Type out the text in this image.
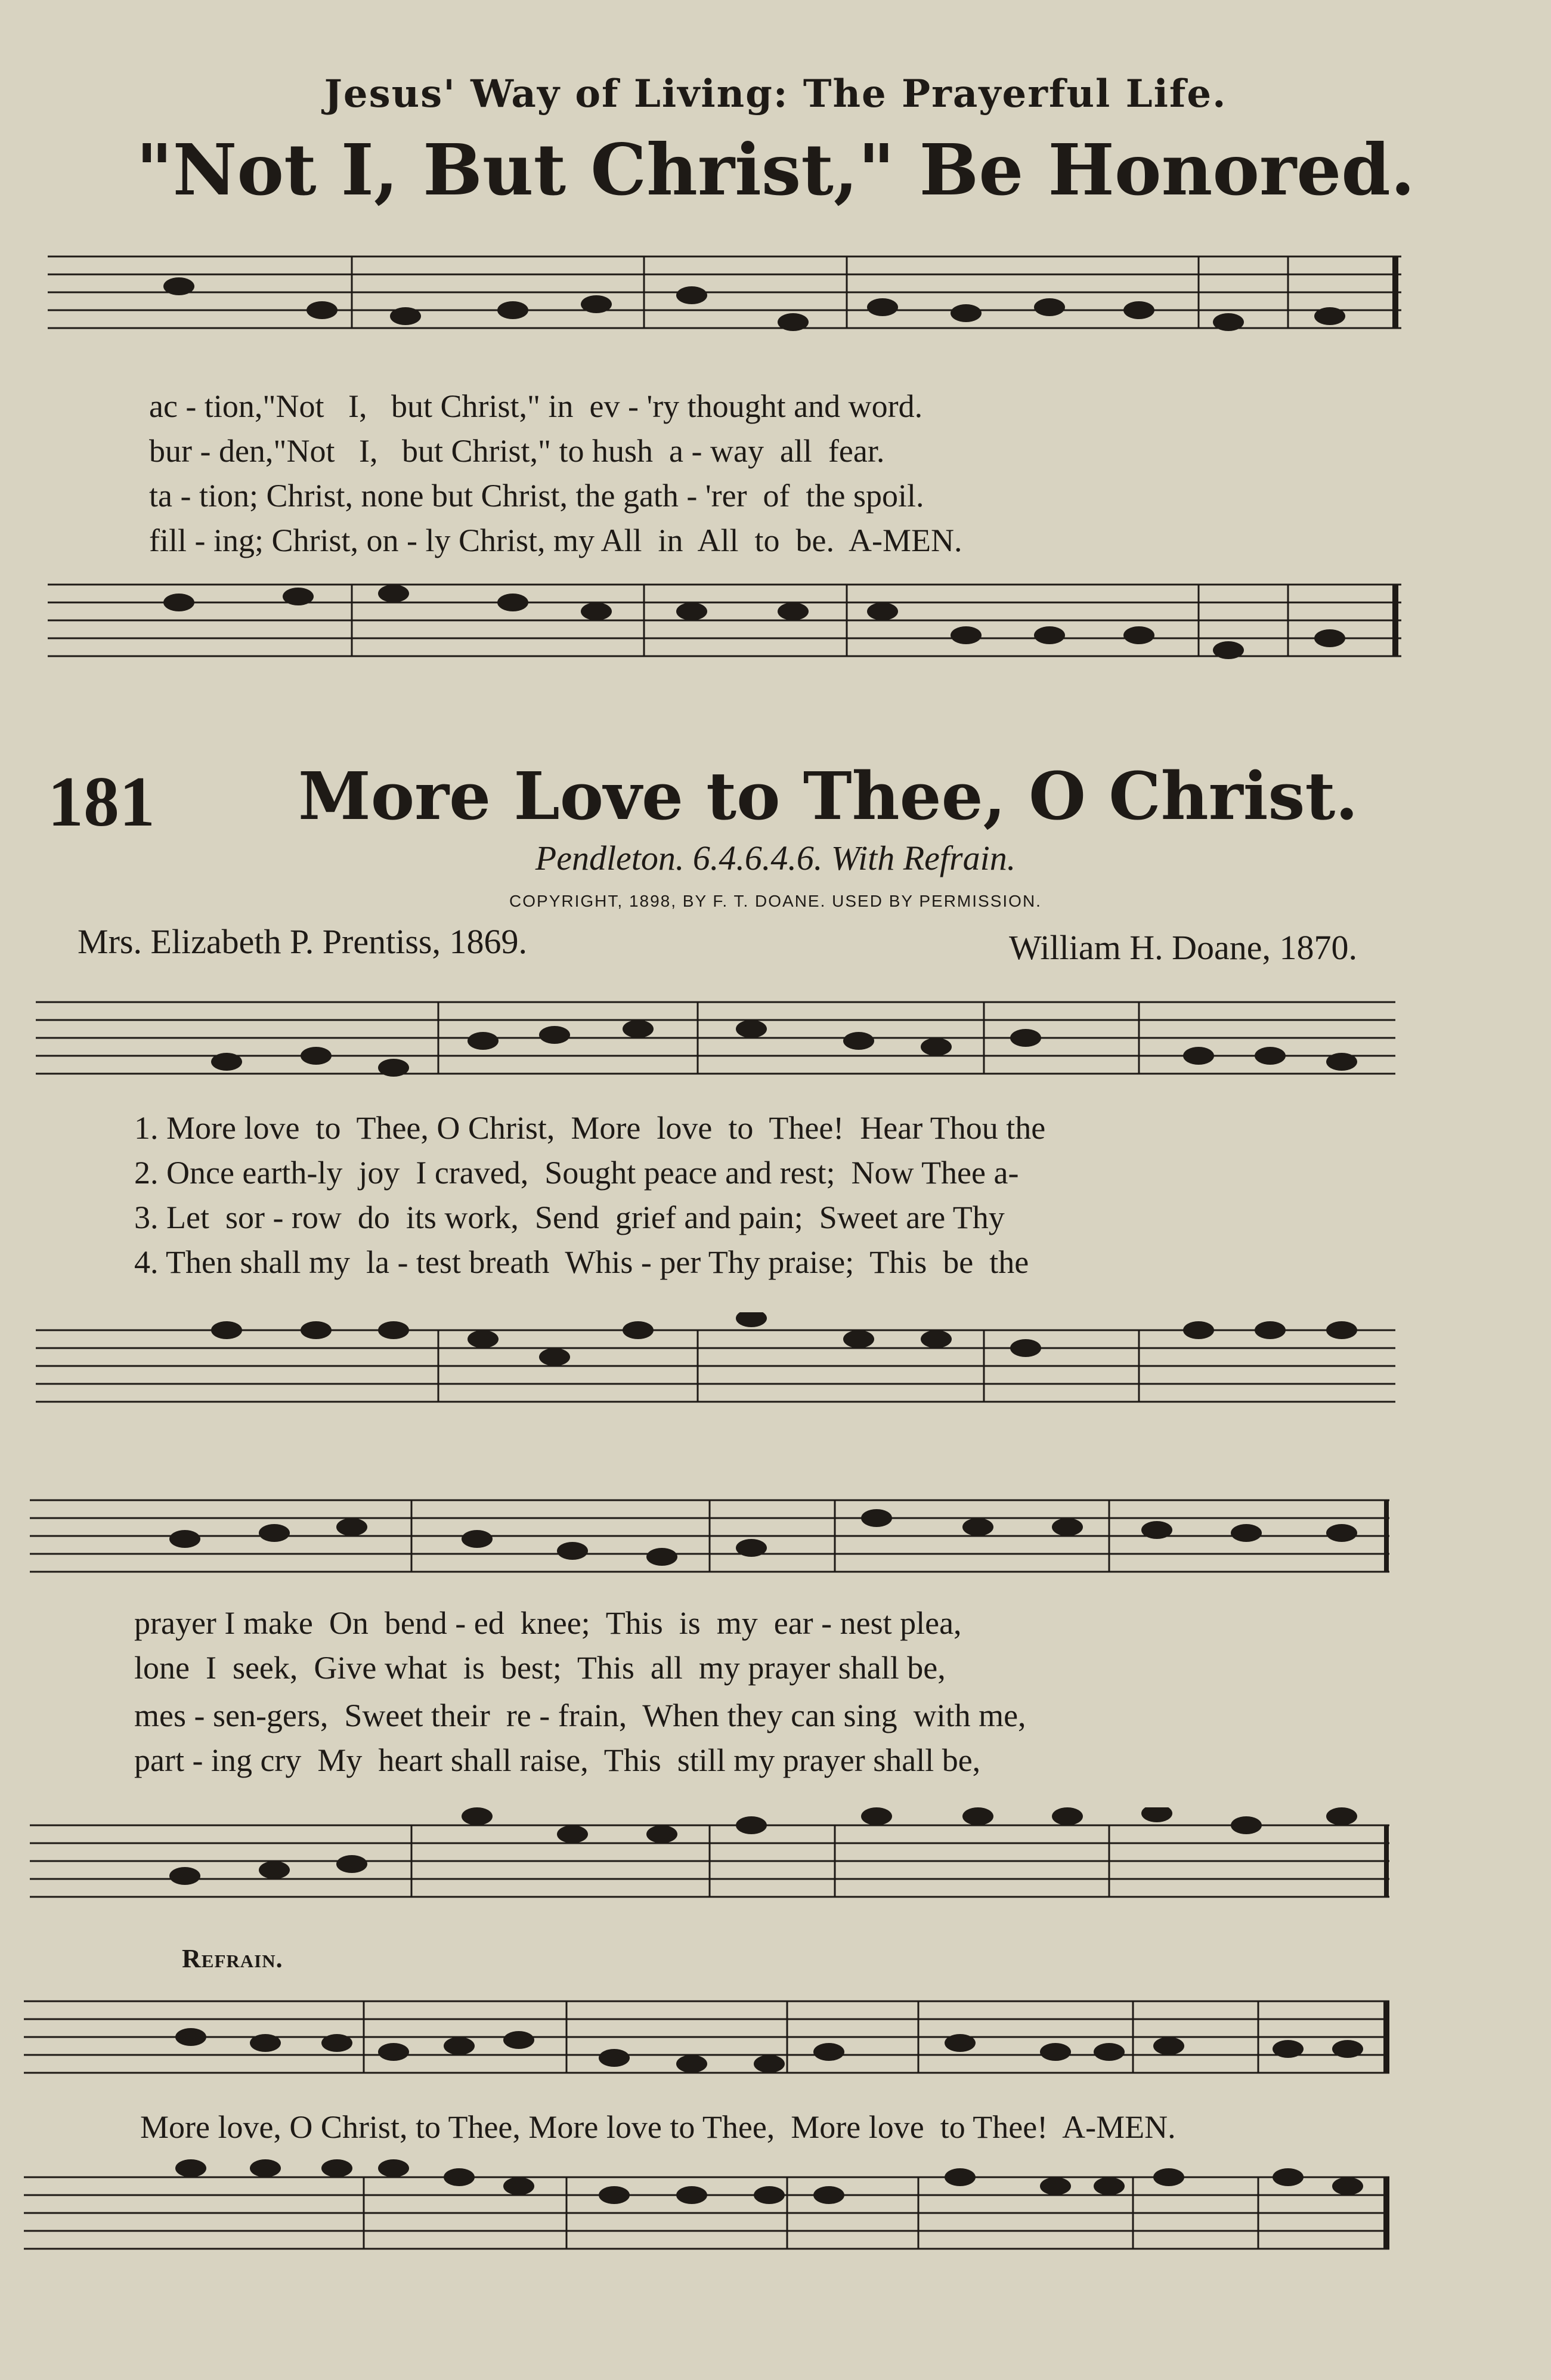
Jesus' Way of Living: The Prayerful Life.
"Not I, But Christ," Be Honored.
ac - tion,"Not   I,   but Christ," in  ev - 'ry thought and word.
bur - den,"Not   I,   but Christ," to hush  a - way  all  fear.
ta - tion; Christ, none but Christ, the gath - 'rer  of  the spoil.
fill - ing; Christ, on - ly Christ, my All  in  All  to  be.  A-MEN.
181 More Love to Thee, O Christ.
Pendleton. 6.4.6.4.6. With Refrain.
COPYRIGHT, 1898, BY F. T. DOANE. USED BY PERMISSION.
Mrs. Elizabeth P. Prentiss, 1869.	William H. Doane, 1870.
1. More love  to  Thee, O Christ,  More  love  to  Thee!  Hear Thou the
2. Once earth-ly  joy  I craved,  Sought peace and rest;  Now Thee a-
3. Let  sor - row  do  its work,  Send  grief and pain;  Sweet are Thy
4. Then shall my  la - test breath  Whis - per Thy praise;  This  be  the
prayer I make  On  bend - ed  knee;  This  is  my  ear - nest plea,
lone  I  seek,  Give what  is  best;  This  all  my prayer shall be,
mes - sen-gers,  Sweet their  re - frain,  When they can sing  with me,
part - ing cry  My  heart shall raise,  This  still my prayer shall be,
Refrain.
More love, O Christ, to Thee, More love to Thee,  More love  to Thee!  A-MEN.
